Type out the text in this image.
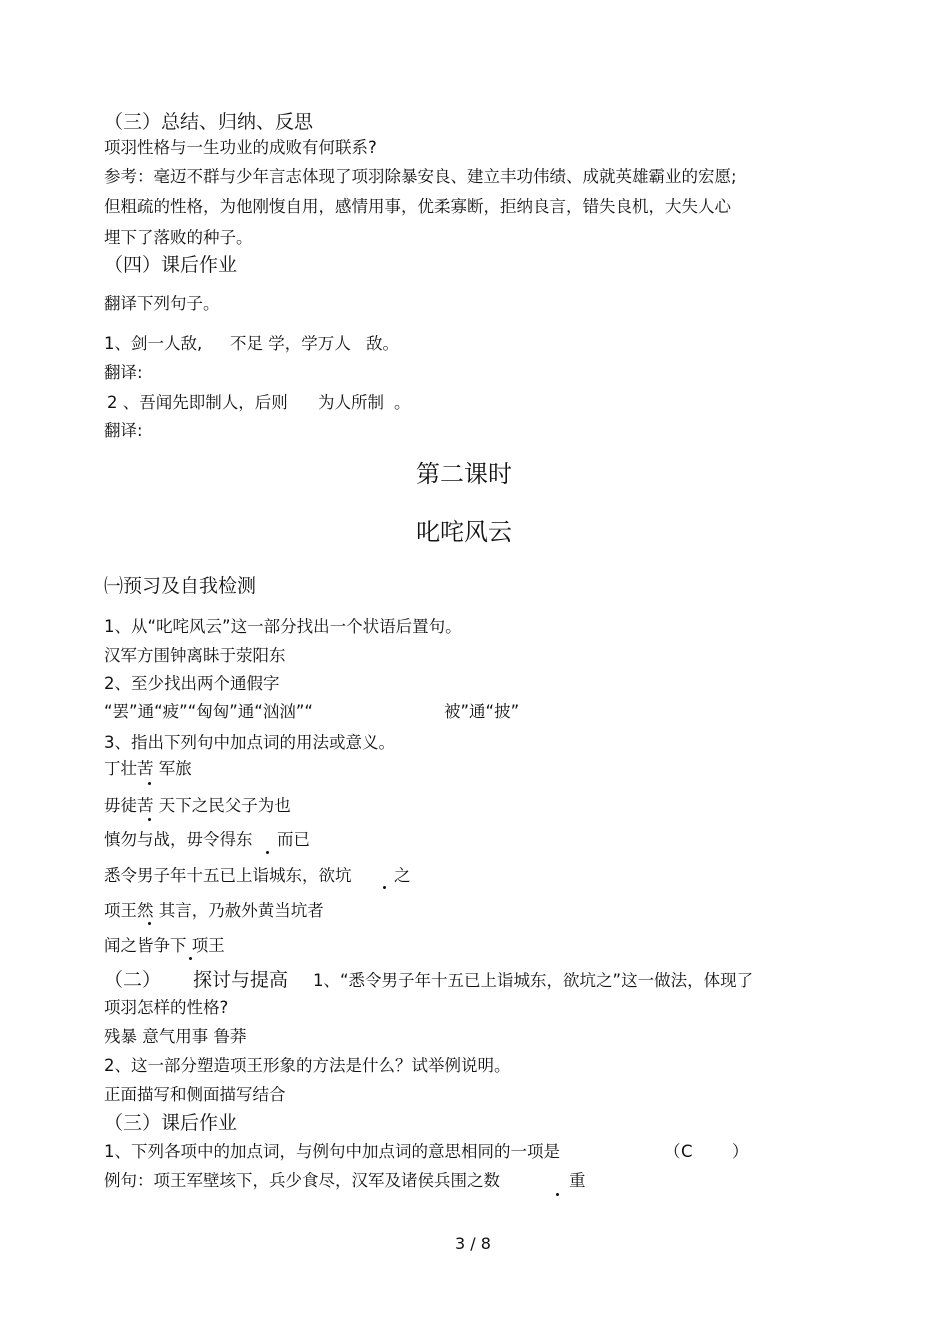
（三）总结、归纳、反思
项羽性格与一生功业的成败有何联系?
参考：毫迈不群与少年言志体现了项羽除暴安良、建立丰功伟绩、成就英雄霸业的宏愿;
但粗疏的性格，为他刚愎自用，感情用事，优柔寡断，拒纳良言，错失良机，大失人心
埋下了落败的种子。
（四）课后作业
翻译下列句子。
1、剑一人敌, 不足 学，学万人 敌。
翻译:
2 、吾闻先即制人，后则 为人所制 。
翻译:
第二课时
叱咤风云
㈠预习及自我检测
1、从“叱咤风云”这一部分找出一个状语后置句。
汉军方围钟离眛于荥阳东
2、至少找出两个通假字
“罢”通“疲”“匈匈”通“汹汹”“	被”通“披”
3、指出下列句中加点词的用法或意义。
丁壮苦 军旅
毋徒苦 天下之民父子为也
慎勿与战，毋令得东 而已
悉令男子年十五已上诣城东，欲坑	之
项王然 其言，乃赦外黄当坑者
闻之皆争下 项王
（二） 探讨与提高 1、“悉令男子年十五已上诣城东，欲坑之”这一做法，体现了
项羽怎样的性格?
残暴 意气用事 鲁莽
2、这一部分塑造项王形象的方法是什么？试举例说明。
正面描写和侧面描写结合
（三）课后作业
1、下列各项中的加点词，与例句中加点词的意思相同的一项是	（ C ）
例句：项王军壁垓下，兵少食尽，汉军及诸侯兵围之数	重
3 / 8
